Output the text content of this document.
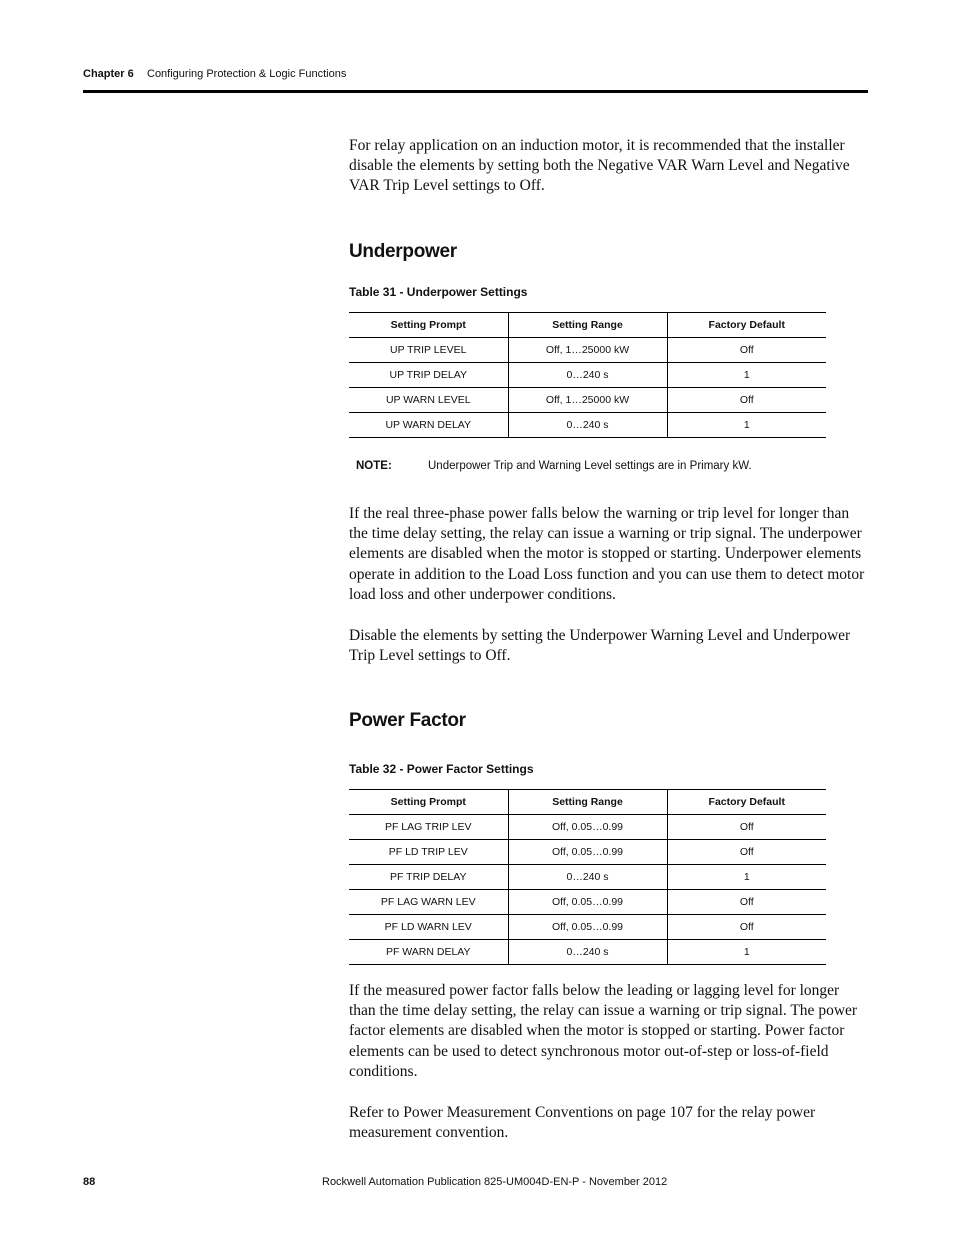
Chapter 6 Configuring Protection & Logic Functions

For relay application on an induction motor, it is recommended that the installer disable the elements by setting both the Negative VAR Warn Level and Negative VAR Trip Level settings to Off.

Underpower

Table 31 - Underpower Settings

Setting Prompt	Setting Range	Factory Default
UP TRIP LEVEL	Off, 1…25000 kW	Off
UP TRIP DELAY	0…240 s	1
UP WARN LEVEL	Off, 1…25000 kW	Off
UP WARN DELAY	0…240 s	1
NOTE:	Underpower Trip and Warning Level settings are in Primary kW.

If the real three-phase power falls below the warning or trip level for longer than the time delay setting, the relay can issue a warning or trip signal. The underpower elements are disabled when the motor is stopped or starting. Underpower elements operate in addition to the Load Loss function and you can use them to detect motor load loss and other underpower conditions.

Disable the elements by setting the Underpower Warning Level and Underpower Trip Level settings to Off.

Power Factor

Table 32 - Power Factor Settings

Setting Prompt	Setting Range	Factory Default
PF LAG TRIP LEV	Off, 0.05…0.99	Off
PF LD TRIP LEV	Off, 0.05…0.99	Off
PF TRIP DELAY	0…240 s	1
PF LAG WARN LEV	Off, 0.05…0.99	Off
PF LD WARN LEV	Off, 0.05…0.99	Off
PF WARN DELAY	0…240 s	1

If the measured power factor falls below the leading or lagging level for longer than the time delay setting, the relay can issue a warning or trip signal. The power factor elements are disabled when the motor is stopped or starting. Power factor elements can be used to detect synchronous motor out-of-step or loss-of-field conditions.

Refer to Power Measurement Conventions on page 107 for the relay power measurement convention.

88	Rockwell Automation Publication 825-UM004D-EN-P - November 2012
